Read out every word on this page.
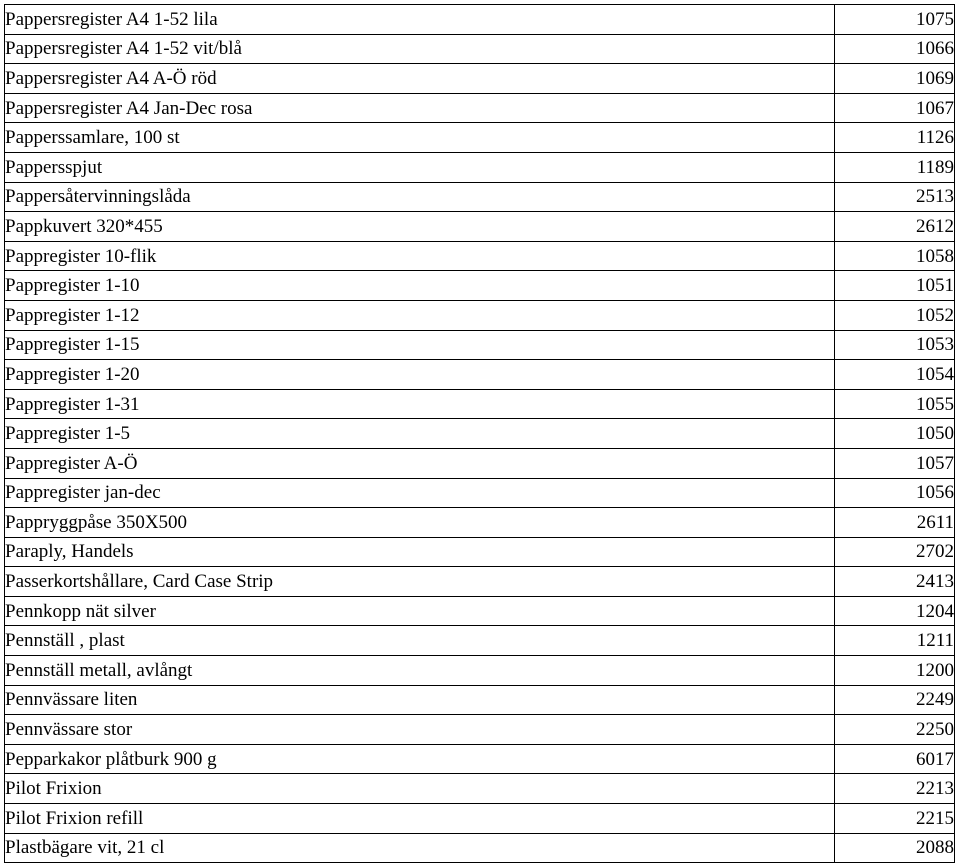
Pappersregister A4 1-52 lila	1075
Pappersregister A4 1-52 vit/blå	1066
Pappersregister A4 A-Ö röd	1069
Pappersregister A4 Jan-Dec rosa	1067
Papperssamlare, 100 st	1126
Pappersspjut	1189
Pappersåtervinningslåda	2513
Pappkuvert 320*455	2612
Pappregister 10-flik	1058
Pappregister 1-10	1051
Pappregister 1-12	1052
Pappregister 1-15	1053
Pappregister 1-20	1054
Pappregister 1-31	1055
Pappregister 1-5	1050
Pappregister A-Ö	1057
Pappregister jan-dec	1056
Pappryggpåse 350X500	2611
Paraply, Handels	2702
Passerkortshållare, Card Case Strip	2413
Pennkopp nät silver	1204
Pennställ , plast	1211
Pennställ metall, avlångt	1200
Pennvässare liten	2249
Pennvässare stor	2250
Pepparkakor plåtburk 900 g	6017
Pilot Frixion	2213
Pilot Frixion refill	2215
Plastbägare vit, 21 cl	2088
